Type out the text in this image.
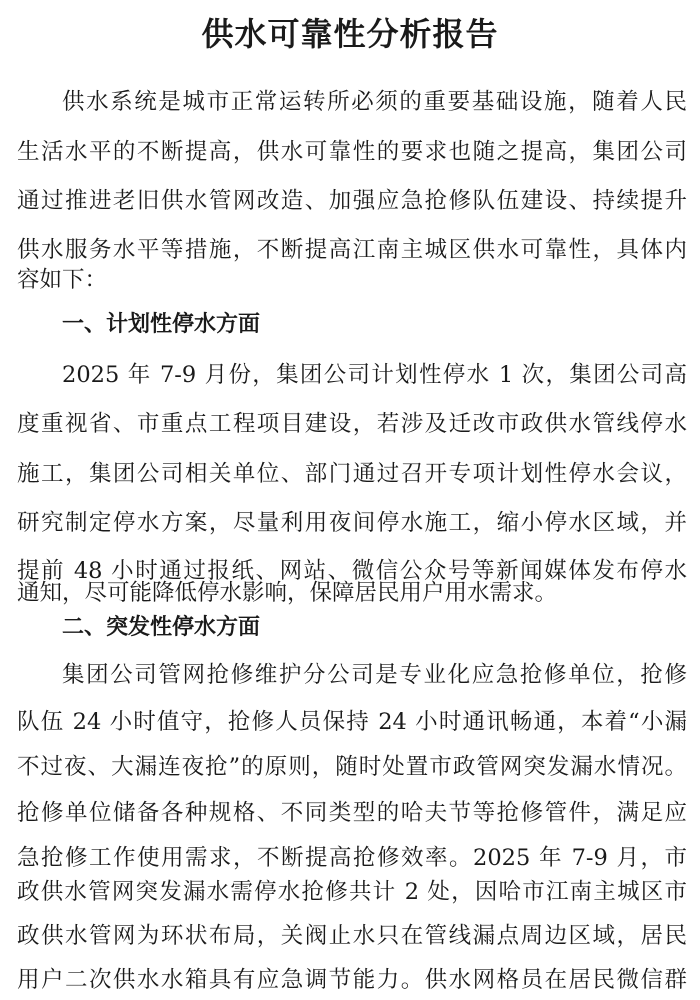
供水可靠性分析报告
供水系统是城市正常运转所必须的重要基础设施，随着人民
生活水平的不断提高，供水可靠性的要求也随之提高，集团公司
通过推进老旧供水管网改造、加强应急抢修队伍建设、持续提升
供水服务水平等措施，不断提高江南主城区供水可靠性，具体内
容如下：
一、计划性停水方面
2025 年 7-9 月份，集团公司计划性停水 1 次，集团公司高
度重视省、市重点工程项目建设，若涉及迁改市政供水管线停水
施工，集团公司相关单位、部门通过召开专项计划性停水会议，
研究制定停水方案，尽量利用夜间停水施工，缩小停水区域，并
提前 48 小时通过报纸、网站、微信公众号等新闻媒体发布停水
通知，尽可能降低停水影响，保障居民用户用水需求。
二、突发性停水方面
集团公司管网抢修维护分公司是专业化应急抢修单位，抢修
队伍 24 小时值守，抢修人员保持 24 小时通讯畅通，本着“小漏
不过夜、大漏连夜抢”的原则，随时处置市政管网突发漏水情况。
抢修单位储备各种规格、不同类型的哈夫节等抢修管件，满足应
急抢修工作使用需求，不断提高抢修效率。2025 年 7-9 月，市
政供水管网突发漏水需停水抢修共计 2 处，因哈市江南主城区市
政供水管网为环状布局，关阀止水只在管线漏点周边区域，居民
用户二次供水水箱具有应急调节能力。供水网格员在居民微信群
